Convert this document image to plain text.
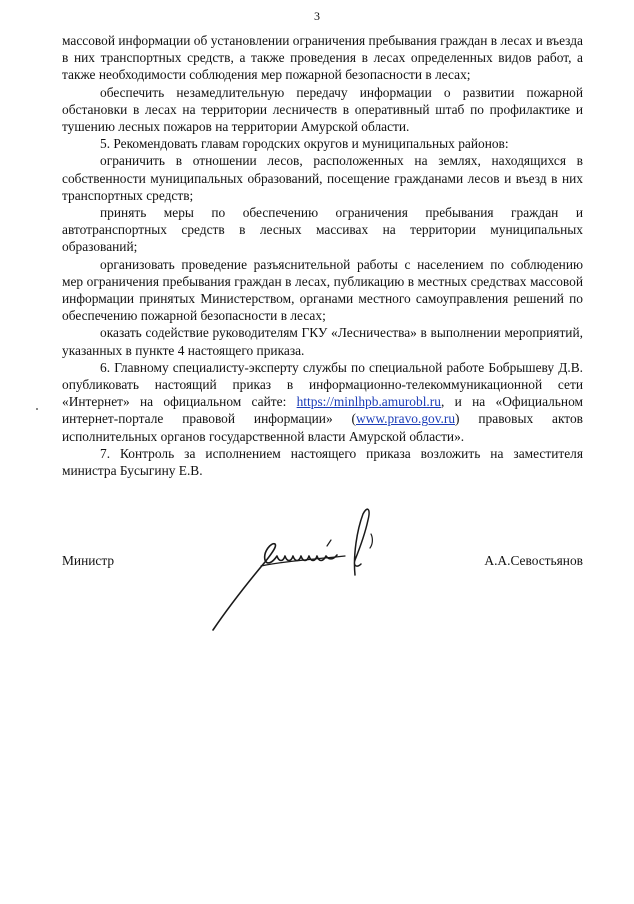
3

массовой информации об установлении ограничения пребывания граждан в лесах и въезда в них транспортных средств, а также проведения в лесах определенных видов работ, а также необходимости соблюдения мер пожарной безопасности в лесах;

обеспечить незамедлительную передачу информации о развитии пожарной обстановки в лесах на территории лесничеств в оперативный штаб по профилактике и тушению лесных пожаров на территории Амурской области.

5. Рекомендовать главам городских округов и муниципальных районов:

ограничить в отношении лесов, расположенных на землях, находящихся в собственности муниципальных образований, посещение гражданами лесов и въезд в них транспортных средств;

принять меры по обеспечению ограничения пребывания граждан и автотранспортных средств в лесных массивах на территории муниципальных образований;

организовать проведение разъяснительной работы с населением по соблюдению мер ограничения пребывания граждан в лесах, публикацию в местных средствах массовой информации принятых Министерством, органами местного самоуправления решений по обеспечению пожарной безопасности в лесах;

оказать содействие руководителям ГКУ «Лесничества» в выполнении мероприятий, указанных в пункте 4 настоящего приказа.

6. Главному специалисту-эксперту службы по специальной работе Бобрышеву Д.В. опубликовать настоящий приказ в информационно-телекоммуникационной сети «Интернет» на официальном сайте: https://minlhpb.amurobl.ru, и на «Официальном интернет-портале правовой информации» (www.pravo.gov.ru) правовых актов исполнительных органов государственной власти Амурской области».

7. Контроль за исполнением настоящего приказа возложить на заместителя министра Бусыгину Е.В.

Министр	А.А.Севостьянов
